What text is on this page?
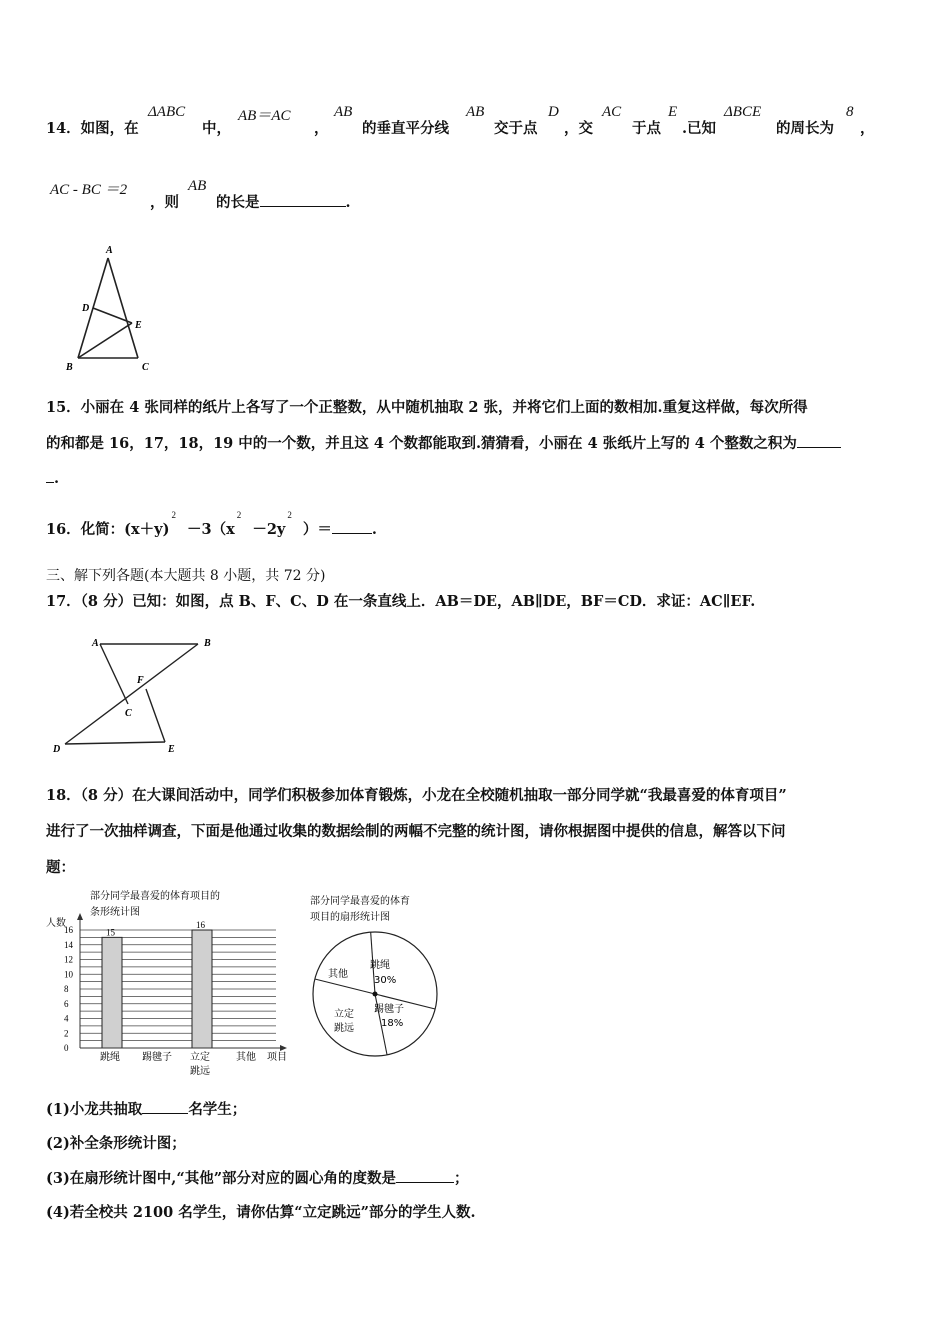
14．如图，在
ΔABC
中，
AB＝AC
，
AB
的垂直平分线
AB
交于点
D
，交
AC
于点
E
.已知
ΔBCE
的周长为
8
，
AC - BC ＝2
，则
AB
的长是	.
A
D
E
B	C
15．小丽在 4 张同样的纸片上各写了一个正整数，从中随机抽取 2 张，并将它们上面的数相加.重复这样做，每次所得
的和都是 16，17，18，19 中的一个数，并且这 4 个数都能取到.猜猜看，小丽在 4 张纸片上写的 4 个整数之积为
.
16．化简：$(x+y)^2 -3(x^2 -2y^2$ ）＝	.
三、解下列各题(本大题共 8 小题，共 72 分)
17．（8 分）已知：如图，点 B、F、C、D 在一条直线上．AB＝DE，AB∥DE，BF＝CD．求证：AC∥EF.
A	B
F
C
D	E
18．（8 分）在大课间活动中，同学们积极参加体育锻炼，小龙在全校随机抽取一部分同学就“我最喜爱的体育项目”
进行了一次抽样调查，下面是他通过收集的数据绘制的两幅不完整的统计图，请你根据图中提供的信息，解答以下问
题：
部分同学最喜爱的体育项目的
条形统计图
人数
0
2
4
6
8
10
12
14
16	15
16
跳绳 踢毽子 立定
跳远
其他 项目
部分同学最喜爱的体育
项目的扇形统计图
跳绳
30%
踢毽子
18%
立定
跳远
其他
(1)小龙共抽取	名学生；
(2)补全条形统计图；
(3)在扇形统计图中,“其他”部分对应的圆心角的度数是	；
(4)若全校共 2100 名学生，请你估算“立定跳远”部分的学生人数.
